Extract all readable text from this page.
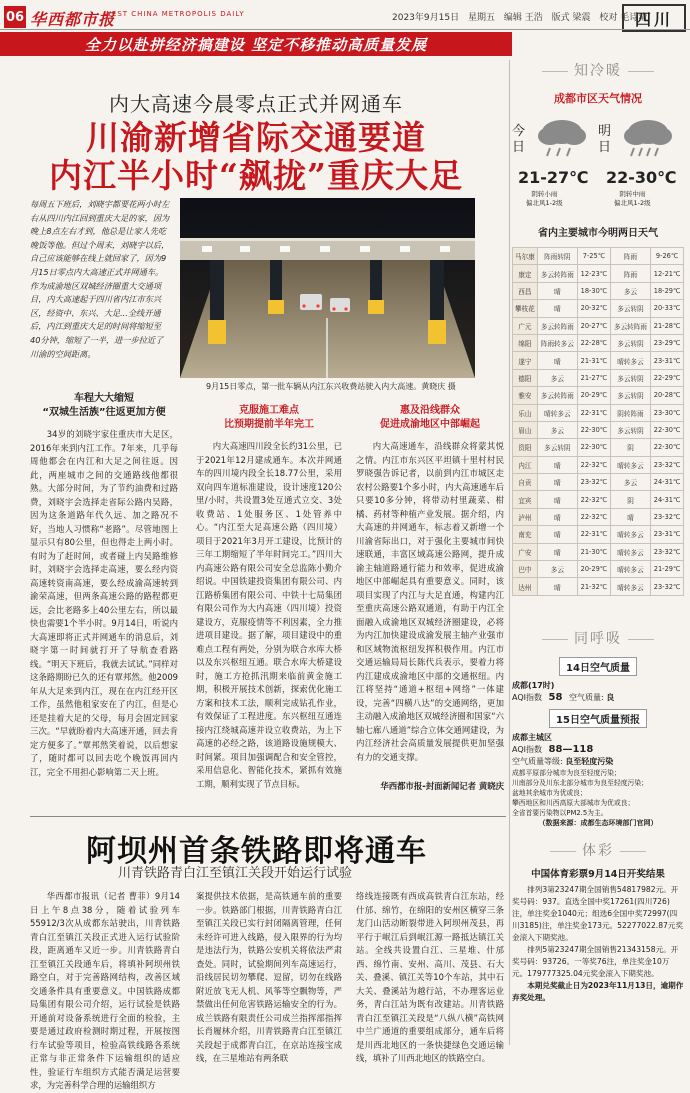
06 华西都市报
WEST CHINA METROPOLIS DAILY	2023年9月15日 星期五 编辑 王浩 版式 梁震 校对 毛诗清
四川
全力以赴拼经济搞建设 坚定不移推动高质量发展
内大高速今晨零点正式并网通车
川渝新增省际交通要道
内江半小时“飙拢”重庆大足
每周五下班后，刘晓宇都要花两小时左右从四川内江回到重庆大足的家，因为晚上8点左右才到，他总是让家人先吃晚饭等他。但过个周末，刘晓宇以后，自己应该能够在线上就回家了，因为9月15日零点内大高速正式并网通车。作为成渝地区双城经济圈重大交通项目，内大高速起于四川省内江市东兴区，经资中、东兴、大足...全线开通后，内江到重庆大足的时间将缩短至40分钟，缩短了一半，进一步拉近了川渝的空间距离。
9月15日零点，第一批车辆从内江东兴收费站驶入内大高速。黄晓庆 摄
车程大大缩短
“双城生活族”往返更加方便
34岁的刘晓宇家住重庆市大足区，2016年来到内江工作。7年来，几乎每周他都会在内江和大足之间往返。因此，两座城市之间的交通路线他都很熟。大部分时间，为了节约油费和过路费，刘晓宇会选择走省际公路内吴路，因为这条道路年代久远、加之路况不好，当地人习惯称“老路”。尽管地图上显示只有80公里，但也得走上两小时。有时为了赶时间，或者碰上内吴路维修时，刘晓宇会选择走高速，要么经内资高速转资南高速，要么经成渝高速转到渝荣高速，但两条高速公路的路程都更远，会比老路多上40公里左右，所以最快也需要1个半小时。9月14日，听说内大高速即将正式并网通车的消息后，刘晓宇第一时间就打开了导航查看路线。“明天下班后，我就去试试。”同样对这条路期盼已久的还有覃邦然。他2009年从大足来到内江，现在在内江经开区工作，虽然他租家安在了内江，但是心还是挂着大足的父母，每月会固定回家三次。“早就盼着内大高速开通，回去肯定方便多了。”覃邦然笑着说，以后想家了，随时都可以回去吃个晚饭再回内江，完全不用担心影响第二天上班。
克服施工难点
比预期提前半年完工
内大高速四川段全长约31公里，已于2021年12月建成通车。本次并网通车的四川境内段全长18.77公里，采用双向四车道标准建设，设计速度120公里/小时，共设置3处互通式立交、3处收费站、1处服务区、1处管养中心。“内江至大足高速公路（四川境）项目于2021年3月开工建设，比预计的三年工期缩短了半年时间完工。”四川大内高速公路有限公司安全总监陈小勤介绍说。中国铁建投资集团有限公司、内江路桥集团有限公司、中铁十七局集团有限公司作为大内高速（四川境）投资建设方，克服疫情等不利因素，全力推进项目建设。据了解，项目建设中的重难点工程有两处，分别为联合水库大桥以及东兴枢纽互通。联合水库大桥建设时，施工方抢抓汛期来临前黄金施工期，积极开展技术创新，探索优化施工方案和技术工法，顺利完成钻孔作业，有效保证了工程进度。东兴枢纽互通连接内江绕城高速并设立收费站，为上下高速的必经之路，该道路设施规模大、时间紧。项目加强调配合和安全管控，采用信息化、智能化技术，紧抓有效施工期，顺利实现了节点目标。
惠及沿线群众
促进成渝地区中部崛起
内大高速通车，沿线群众将蒙其悦之情。内江市东兴区平坦镇十里村村民罗晓强告诉记者，以前到内江市城区走农村公路要1个多小时，内大高速通车后只要10多分钟，将带动村里蔬菜、柑橘、药材等种植产业发展。据介绍，内大高速的并网通车，标志着又新增一个川渝省际出口，对于强化主要城市间快速联通，丰富区域高速公路网，提升成渝主轴道路通行能力和效率，促进成渝地区中部崛起具有重要意义。同时，该项目实现了内江与大足直通，构建内江至重庆高速公路双通道，有助于内江全面融入成渝地区双城经济圈建设，必将为内江加快建设成渝发展主轴产业强市和区域物流枢纽发挥积极作用。内江市交通运输局局长陈代兵表示，要着力将内江建成成渝地区中部的交通枢纽。内江将坚持“通道+枢纽+网络”一体建设，完善“四横八达”的交通网络，更加主动融入成渝地区双城经济圈和国家“六轴七廊八通道”综合立体交通网建设，为内江经济社会高质量发展提供更加坚强有力的交通支撑。
华西都市报-封面新闻记者 黄晓庆
阿坝州首条铁路即将通车
川青铁路青白江至镇江关段开始运行试验
华西都市报讯（记者 曹菲）9月14日上午8点38分，随着试验列车55912/3次从成都东站驶出，川青铁路青白江至镇江关段正式进入运行试验阶段，距离通车又近一步。川青铁路青白江至镇江关段通车后，将填补阿坝州铁路空白，对于完善路网结构，改善区域交通条件具有重要意义。中国铁路成都局集团有限公司介绍，运行试验是铁路开通前对设备系统进行全面的检验，主要是通过政府检测时期过程，开展按图行车试验等项目，检验高铁线路各系统正常与非正常条件下运输组织的适应性，验证行车组织方式能否满足运营要求，为完善科学合理的运输组织方
案提供技术依据，是高铁通车前的重要一步。铁路部门根据，川青铁路青白江至镇江关段已实行封闭隔离管理，任何未经许可进入线路，侵入限界的行为均是违法行为，铁路公安机关将依法严肃查处。同时，试验期间列车高速运行，沿线居民切勿攀爬、逗留，切勿在线路附近放飞无人机、风筝等空飘物等，严禁做出任何危害铁路运输安全的行为。成兰铁路有限责任公司成兰指挥部指挥长肖履林介绍，川青铁路青白江至镇江关段起于成都青白江，在京站连接宝成线，在三星堆站有两条联
络线连接既有西成高铁青白江东站，经什邡、绵竹，在绵阳的安州区横穿三条龙门山活动断裂带进入阿坝州茂县，再平行于岷江后到岷江源一路抵达镇江关站。全线共设置白江、三星堆、什邡西、绵竹南、安州、高川、茂县、石大关、叠溪、镇江关等10个车站，其中石大关、叠溪站为越行站，不办理客运业务，青白江站为既有改建站。川青铁路青白江至镇江关段是“八纵八横”高铁网中兰广通道的重要组成部分，通车后将是川西北地区的一条快捷绿色交通运输线，填补了川西北地区的铁路空白。
知冷暖
成都市区天气情况
今日
21-27℃
阴转小雨
偏北风1-2级
明日
22-30℃
阴转中雨
偏北风1-2级
省内主要城市今明两日天气
马尔康	阵雨转阴	7-25℃	阵雨	9-26℃
康定	多云转阵雨	12-23℃	阵雨	12-21℃
西昌	晴	18-30℃	多云	18-29℃
攀枝花	晴	20-32℃	多云转阴	20-33℃
广元	多云转阵雨	20-27℃	多云转阵雨	21-28℃
绵阳	阵雨转多云	22-28℃	多云转阴	23-29℃
遂宁	晴	21-31℃	晴转多云	23-31℃
德阳	多云	21-27℃	多云转阴	22-29℃
雅安	多云转阵雨	20-29℃	多云转阴	20-28℃
乐山	晴转多云	22-31℃	阴转阵雨	23-30℃
眉山	多云	22-30℃	多云转阴	22-30℃
资阳	多云转阴	22-30℃	阴	22-30℃
内江	晴	22-32℃	晴转多云	23-32℃
自贡	晴	23-32℃	多云	24-31℃
宜宾	晴	22-32℃	阴	24-31℃
泸州	晴	22-32℃	晴	23-32℃
南充	晴	22-31℃	晴转多云	23-31℃
广安	晴	21-30℃	晴转多云	23-32℃
巴中	多云	20-29℃	晴转多云	21-29℃
达州	晴	21-32℃	晴转多云	23-32℃
同呼吸
14日空气质量
成都(17时)
AQI指数 58 空气质量: 良
15日空气质量预报
成都主城区
AQI指数 88—118
空气质量等级: 良至轻度污染
成都平原部分城市为良至轻度污染；
川南部分及川东北部分城市为良至轻度污染；
盆地其余城市为优或良；
攀西地区和川西高原大部城市为优或良；
全省首要污染物以PM2.5为主。
（数据来源：成都生态环境部门官网）
体彩
中国体育彩票9月14日开奖结果
排列3第23247期全国销售54817982元。开奖号码：937。直选全国中奖17261(四川726)注，单注奖金1040元；组选6全国中奖72997(四川3185)注，单注奖金173元。52277022.87元奖金滚入下期奖池。
排列5第23247期全国销售21343158元。开奖号码：93726。一等奖76注，单注奖金10万元。179777325.04元奖金滚入下期奖池。
本期兑奖截止日为2023年11月13日，逾期作弃奖处理。
